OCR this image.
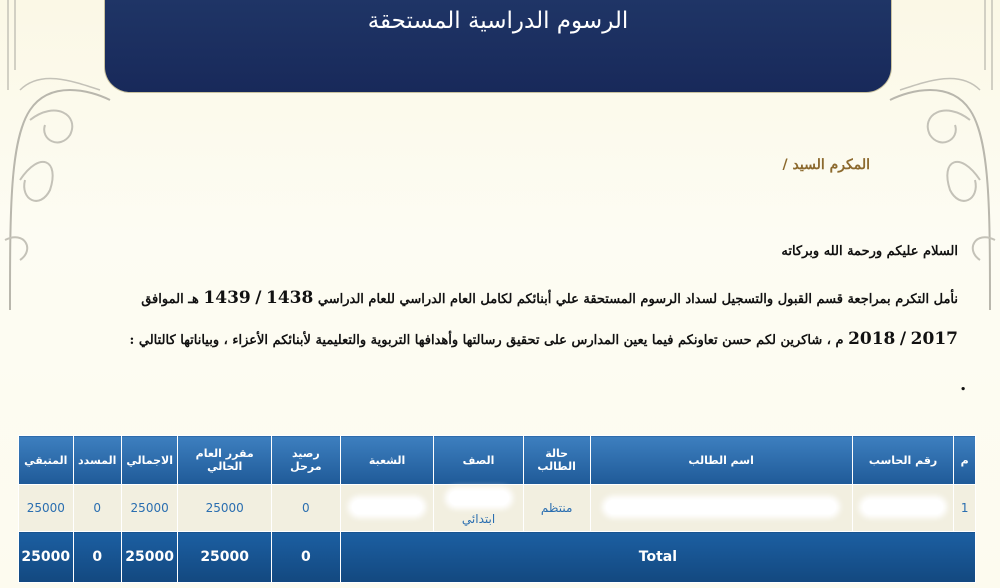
الرسوم الدراسية المستحقة
المكرم السيد /
السلام عليكم ورحمة الله وبركاته
نأمل التكرم بمراجعة قسم القبول والتسجيل لسداد الرسوم المستحقة علي أبنائكم لكامل العام الدراسي للعام الدراسي 1438 / 1439 هـ الموافق
2017 / 2018 م ، شاكرين لكم حسن تعاونكم فيما يعين المدارس على تحقيق رسالتها وأهدافها التربوية والتعليمية لأبنائكم الأعزاء ، وبياناتها كالتالي :
.
م	رقم الحاسب	اسم الطالب	حالة الطالب	الصف	الشعبة	رصيد مرحل	مقرر العام الحالي	الاجمالي	المسدد	المتبقي
1			منتظم	ابتدائي		0	25000	25000	0	25000
Total						0	25000	25000	0	25000
